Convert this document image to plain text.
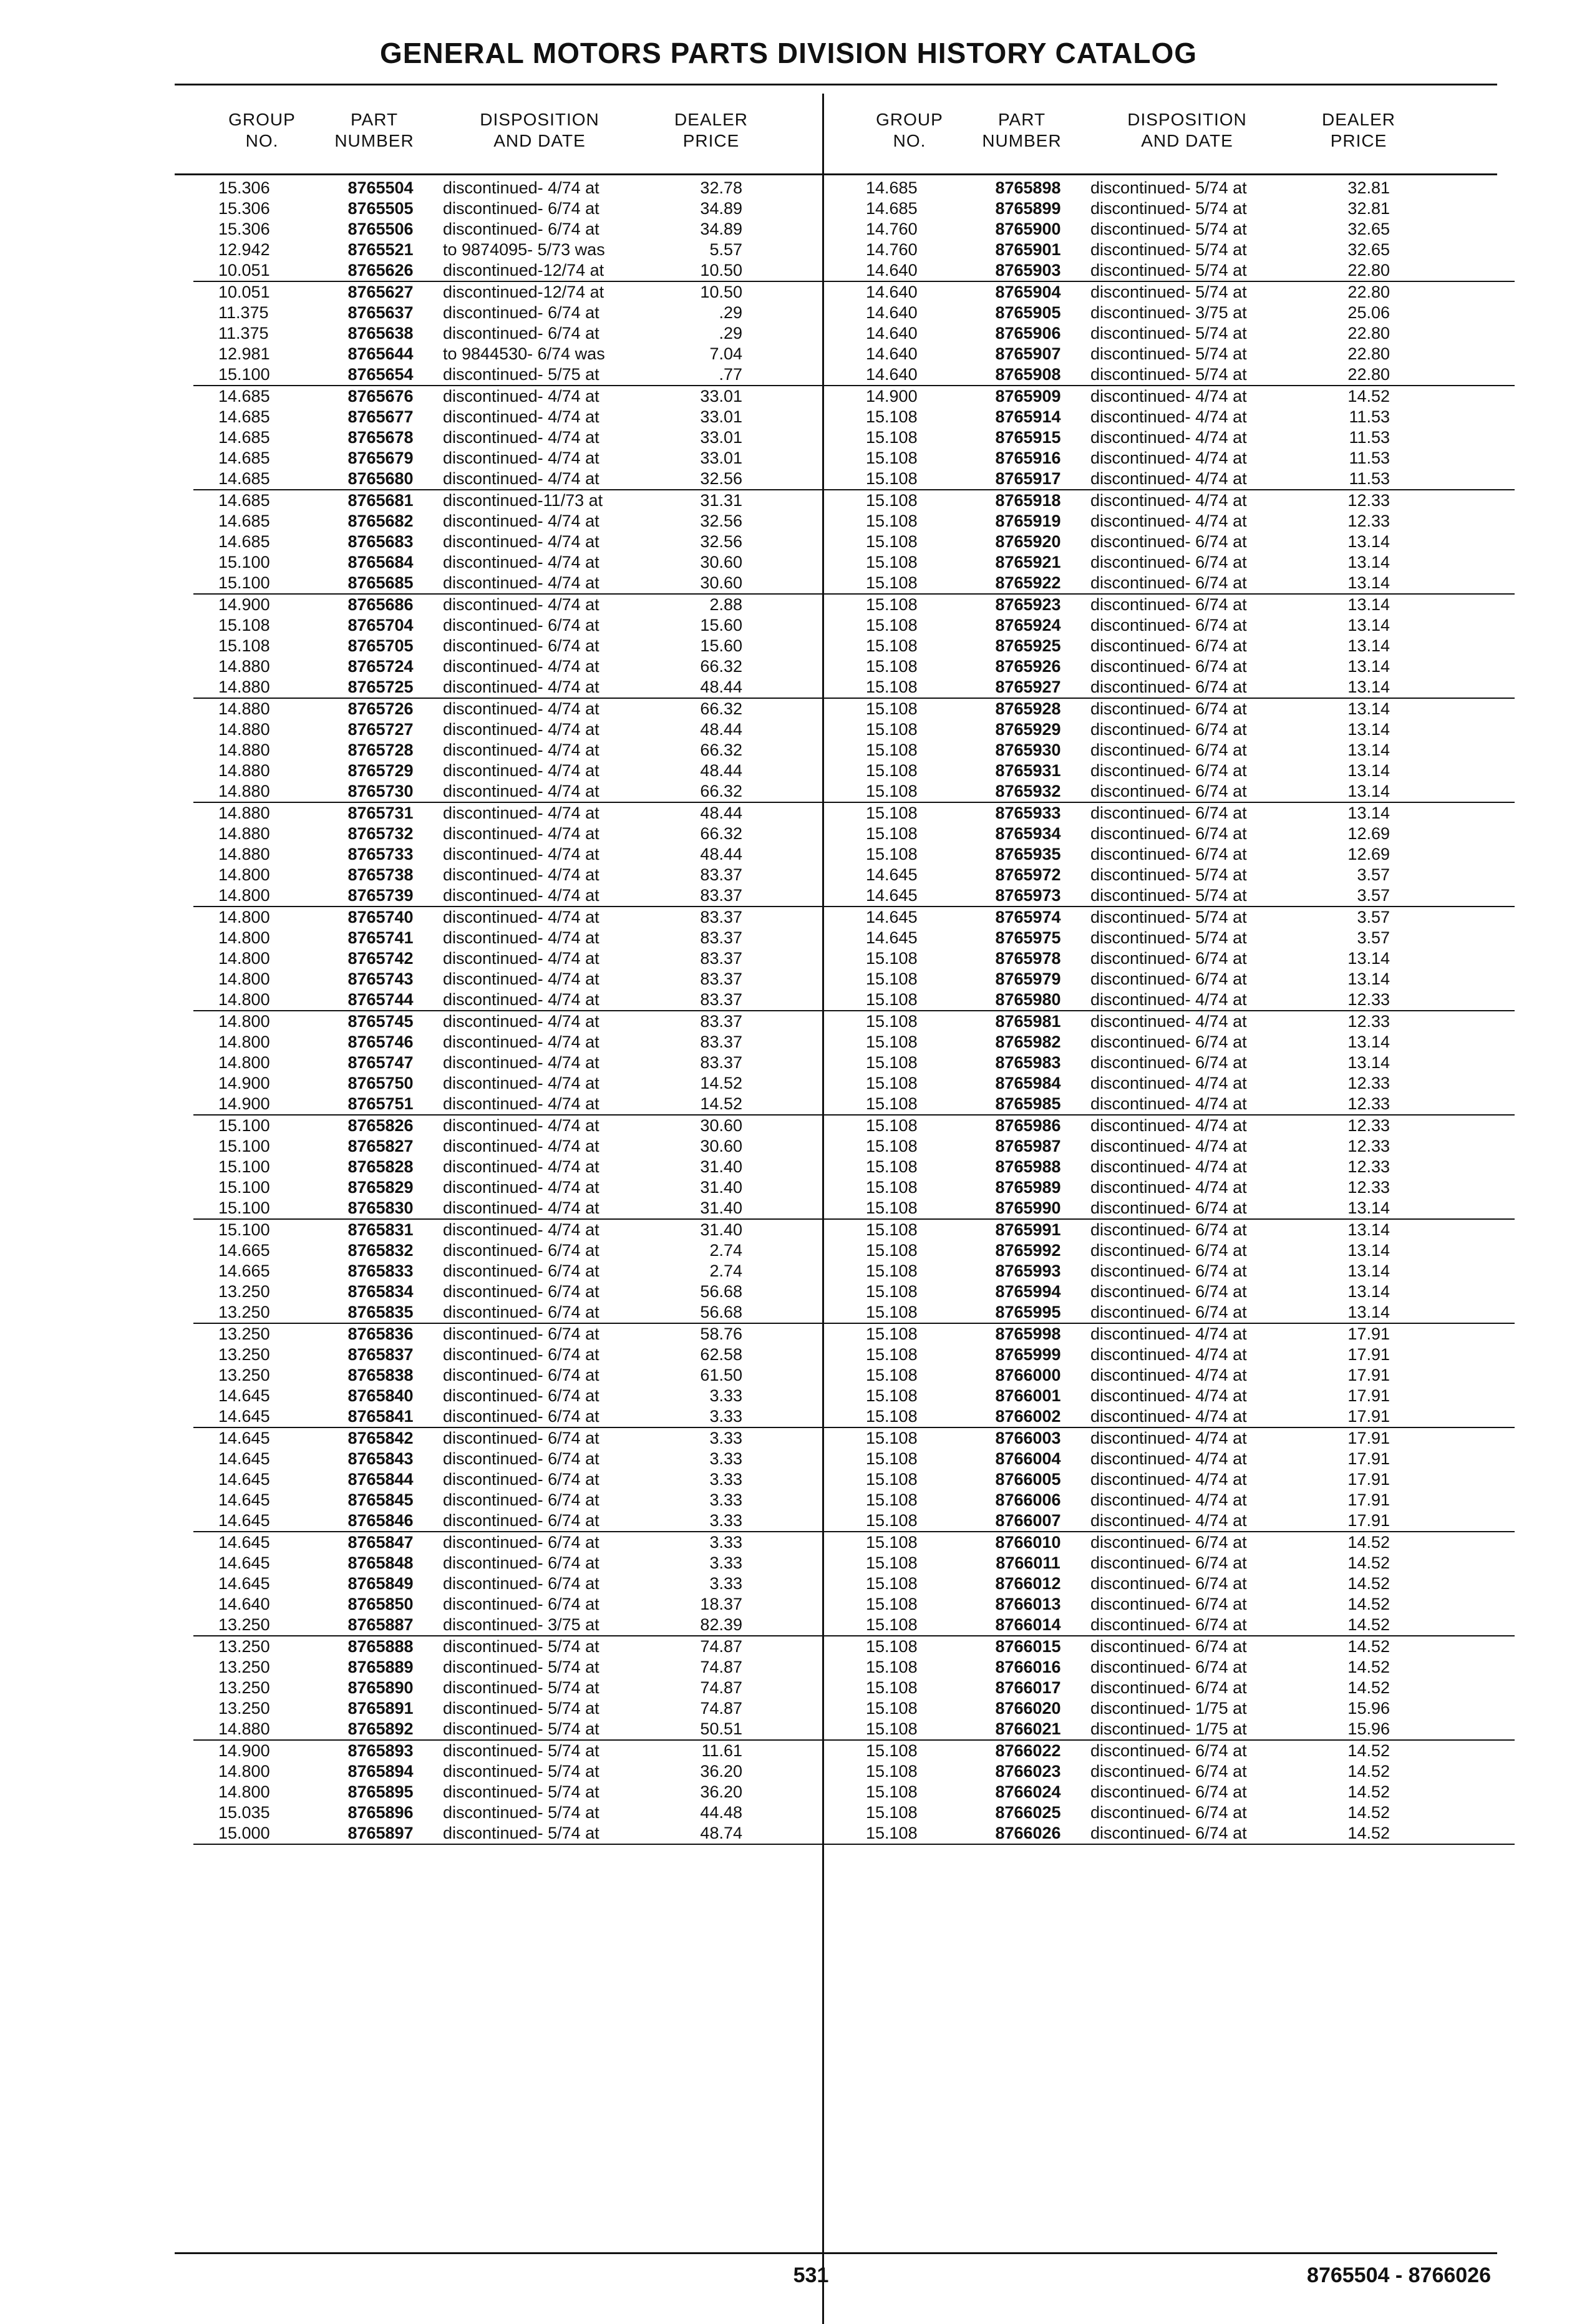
GENERAL MOTORS PARTS DIVISION HISTORY CATALOG
GROUP
NO.
PART
NUMBER
DISPOSITION
AND DATE
DEALER
PRICE
15.306	8765504	discontinued- 4/74 at	32.78
15.306	8765505	discontinued- 6/74 at	34.89
15.306	8765506	discontinued- 6/74 at	34.89
12.942	8765521	to 9874095- 5/73 was	5.57
10.051	8765626	discontinued-12/74 at	10.50
10.051	8765627	discontinued-12/74 at	10.50
11.375	8765637	discontinued- 6/74 at	.29
11.375	8765638	discontinued- 6/74 at	.29
12.981	8765644	to 9844530- 6/74 was	7.04
15.100	8765654	discontinued- 5/75 at	.77
14.685	8765676	discontinued- 4/74 at	33.01
14.685	8765677	discontinued- 4/74 at	33.01
14.685	8765678	discontinued- 4/74 at	33.01
14.685	8765679	discontinued- 4/74 at	33.01
14.685	8765680	discontinued- 4/74 at	32.56
14.685	8765681	discontinued-11/73 at	31.31
14.685	8765682	discontinued- 4/74 at	32.56
14.685	8765683	discontinued- 4/74 at	32.56
15.100	8765684	discontinued- 4/74 at	30.60
15.100	8765685	discontinued- 4/74 at	30.60
14.900	8765686	discontinued- 4/74 at	2.88
15.108	8765704	discontinued- 6/74 at	15.60
15.108	8765705	discontinued- 6/74 at	15.60
14.880	8765724	discontinued- 4/74 at	66.32
14.880	8765725	discontinued- 4/74 at	48.44
14.880	8765726	discontinued- 4/74 at	66.32
14.880	8765727	discontinued- 4/74 at	48.44
14.880	8765728	discontinued- 4/74 at	66.32
14.880	8765729	discontinued- 4/74 at	48.44
14.880	8765730	discontinued- 4/74 at	66.32
14.880	8765731	discontinued- 4/74 at	48.44
14.880	8765732	discontinued- 4/74 at	66.32
14.880	8765733	discontinued- 4/74 at	48.44
14.800	8765738	discontinued- 4/74 at	83.37
14.800	8765739	discontinued- 4/74 at	83.37
14.800	8765740	discontinued- 4/74 at	83.37
14.800	8765741	discontinued- 4/74 at	83.37
14.800	8765742	discontinued- 4/74 at	83.37
14.800	8765743	discontinued- 4/74 at	83.37
14.800	8765744	discontinued- 4/74 at	83.37
14.800	8765745	discontinued- 4/74 at	83.37
14.800	8765746	discontinued- 4/74 at	83.37
14.800	8765747	discontinued- 4/74 at	83.37
14.900	8765750	discontinued- 4/74 at	14.52
14.900	8765751	discontinued- 4/74 at	14.52
15.100	8765826	discontinued- 4/74 at	30.60
15.100	8765827	discontinued- 4/74 at	30.60
15.100	8765828	discontinued- 4/74 at	31.40
15.100	8765829	discontinued- 4/74 at	31.40
15.100	8765830	discontinued- 4/74 at	31.40
15.100	8765831	discontinued- 4/74 at	31.40
14.665	8765832	discontinued- 6/74 at	2.74
14.665	8765833	discontinued- 6/74 at	2.74
13.250	8765834	discontinued- 6/74 at	56.68
13.250	8765835	discontinued- 6/74 at	56.68
13.250	8765836	discontinued- 6/74 at	58.76
13.250	8765837	discontinued- 6/74 at	62.58
13.250	8765838	discontinued- 6/74 at	61.50
14.645	8765840	discontinued- 6/74 at	3.33
14.645	8765841	discontinued- 6/74 at	3.33
14.645	8765842	discontinued- 6/74 at	3.33
14.645	8765843	discontinued- 6/74 at	3.33
14.645	8765844	discontinued- 6/74 at	3.33
14.645	8765845	discontinued- 6/74 at	3.33
14.645	8765846	discontinued- 6/74 at	3.33
14.645	8765847	discontinued- 6/74 at	3.33
14.645	8765848	discontinued- 6/74 at	3.33
14.645	8765849	discontinued- 6/74 at	3.33
14.640	8765850	discontinued- 6/74 at	18.37
13.250	8765887	discontinued- 3/75 at	82.39
13.250	8765888	discontinued- 5/74 at	74.87
13.250	8765889	discontinued- 5/74 at	74.87
13.250	8765890	discontinued- 5/74 at	74.87
13.250	8765891	discontinued- 5/74 at	74.87
14.880	8765892	discontinued- 5/74 at	50.51
14.900	8765893	discontinued- 5/74 at	11.61
14.800	8765894	discontinued- 5/74 at	36.20
14.800	8765895	discontinued- 5/74 at	36.20
15.035	8765896	discontinued- 5/74 at	44.48
15.000	8765897	discontinued- 5/74 at	48.74
GROUP
NO.
PART
NUMBER
DISPOSITION
AND DATE
DEALER
PRICE
14.685	8765898	discontinued- 5/74 at	32.81
14.685	8765899	discontinued- 5/74 at	32.81
14.760	8765900	discontinued- 5/74 at	32.65
14.760	8765901	discontinued- 5/74 at	32.65
14.640	8765903	discontinued- 5/74 at	22.80
14.640	8765904	discontinued- 5/74 at	22.80
14.640	8765905	discontinued- 3/75 at	25.06
14.640	8765906	discontinued- 5/74 at	22.80
14.640	8765907	discontinued- 5/74 at	22.80
14.640	8765908	discontinued- 5/74 at	22.80
14.900	8765909	discontinued- 4/74 at	14.52
15.108	8765914	discontinued- 4/74 at	11.53
15.108	8765915	discontinued- 4/74 at	11.53
15.108	8765916	discontinued- 4/74 at	11.53
15.108	8765917	discontinued- 4/74 at	11.53
15.108	8765918	discontinued- 4/74 at	12.33
15.108	8765919	discontinued- 4/74 at	12.33
15.108	8765920	discontinued- 6/74 at	13.14
15.108	8765921	discontinued- 6/74 at	13.14
15.108	8765922	discontinued- 6/74 at	13.14
15.108	8765923	discontinued- 6/74 at	13.14
15.108	8765924	discontinued- 6/74 at	13.14
15.108	8765925	discontinued- 6/74 at	13.14
15.108	8765926	discontinued- 6/74 at	13.14
15.108	8765927	discontinued- 6/74 at	13.14
15.108	8765928	discontinued- 6/74 at	13.14
15.108	8765929	discontinued- 6/74 at	13.14
15.108	8765930	discontinued- 6/74 at	13.14
15.108	8765931	discontinued- 6/74 at	13.14
15.108	8765932	discontinued- 6/74 at	13.14
15.108	8765933	discontinued- 6/74 at	13.14
15.108	8765934	discontinued- 6/74 at	12.69
15.108	8765935	discontinued- 6/74 at	12.69
14.645	8765972	discontinued- 5/74 at	3.57
14.645	8765973	discontinued- 5/74 at	3.57
14.645	8765974	discontinued- 5/74 at	3.57
14.645	8765975	discontinued- 5/74 at	3.57
15.108	8765978	discontinued- 6/74 at	13.14
15.108	8765979	discontinued- 6/74 at	13.14
15.108	8765980	discontinued- 4/74 at	12.33
15.108	8765981	discontinued- 4/74 at	12.33
15.108	8765982	discontinued- 6/74 at	13.14
15.108	8765983	discontinued- 6/74 at	13.14
15.108	8765984	discontinued- 4/74 at	12.33
15.108	8765985	discontinued- 4/74 at	12.33
15.108	8765986	discontinued- 4/74 at	12.33
15.108	8765987	discontinued- 4/74 at	12.33
15.108	8765988	discontinued- 4/74 at	12.33
15.108	8765989	discontinued- 4/74 at	12.33
15.108	8765990	discontinued- 6/74 at	13.14
15.108	8765991	discontinued- 6/74 at	13.14
15.108	8765992	discontinued- 6/74 at	13.14
15.108	8765993	discontinued- 6/74 at	13.14
15.108	8765994	discontinued- 6/74 at	13.14
15.108	8765995	discontinued- 6/74 at	13.14
15.108	8765998	discontinued- 4/74 at	17.91
15.108	8765999	discontinued- 4/74 at	17.91
15.108	8766000	discontinued- 4/74 at	17.91
15.108	8766001	discontinued- 4/74 at	17.91
15.108	8766002	discontinued- 4/74 at	17.91
15.108	8766003	discontinued- 4/74 at	17.91
15.108	8766004	discontinued- 4/74 at	17.91
15.108	8766005	discontinued- 4/74 at	17.91
15.108	8766006	discontinued- 4/74 at	17.91
15.108	8766007	discontinued- 4/74 at	17.91
15.108	8766010	discontinued- 6/74 at	14.52
15.108	8766011	discontinued- 6/74 at	14.52
15.108	8766012	discontinued- 6/74 at	14.52
15.108	8766013	discontinued- 6/74 at	14.52
15.108	8766014	discontinued- 6/74 at	14.52
15.108	8766015	discontinued- 6/74 at	14.52
15.108	8766016	discontinued- 6/74 at	14.52
15.108	8766017	discontinued- 6/74 at	14.52
15.108	8766020	discontinued- 1/75 at	15.96
15.108	8766021	discontinued- 1/75 at	15.96
15.108	8766022	discontinued- 6/74 at	14.52
15.108	8766023	discontinued- 6/74 at	14.52
15.108	8766024	discontinued- 6/74 at	14.52
15.108	8766025	discontinued- 6/74 at	14.52
15.108	8766026	discontinued- 6/74 at	14.52
531	8765504 - 8766026
